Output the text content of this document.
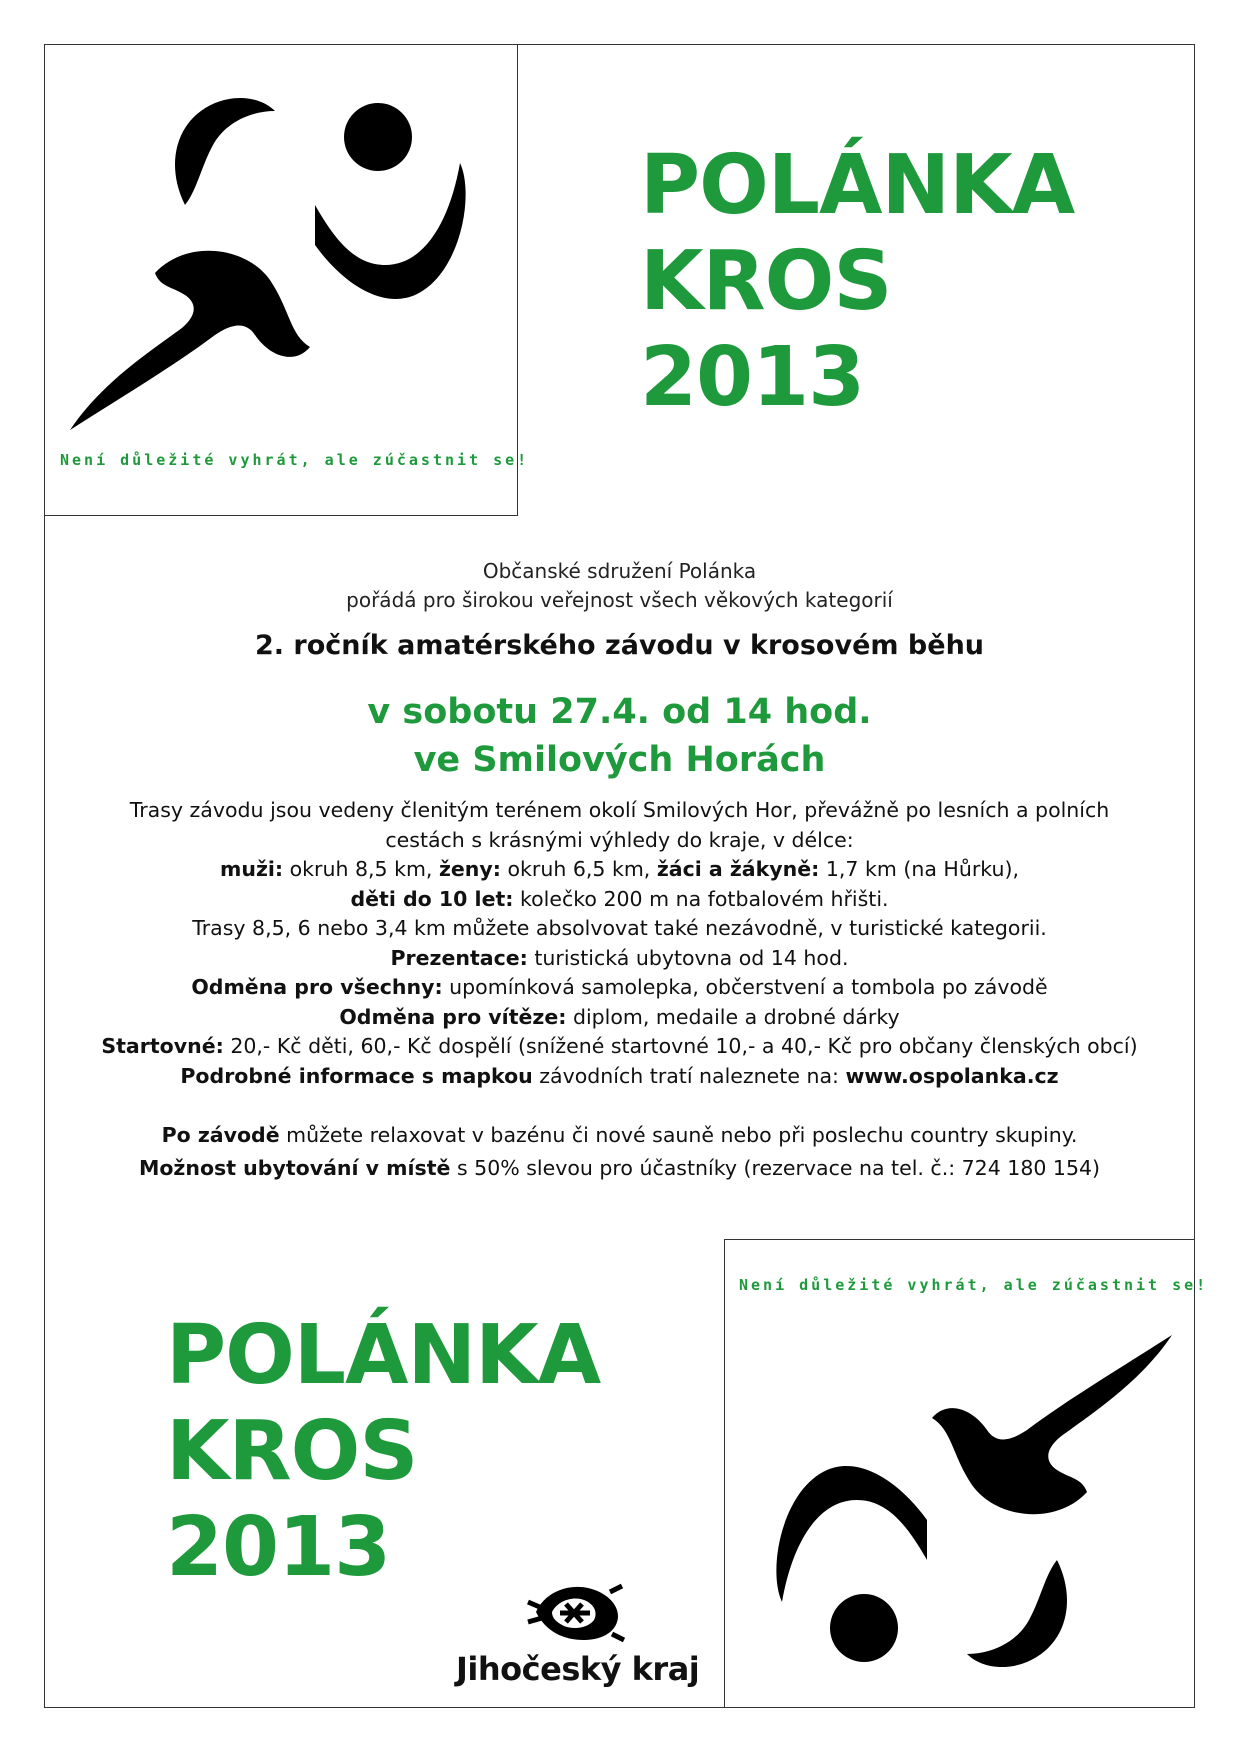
Není důležité vyhrát, ale zúčastnit se!
POLÁNKA
KROS
2013
Občanské sdružení Polánka
pořádá pro širokou veřejnost všech věkových kategorií
2. ročník amatérského závodu v krosovém běhu
v sobotu 27.4. od 14 hod.
ve Smilových Horách
Trasy závodu jsou vedeny členitým terénem okolí Smilových Hor, převážně po lesních a polních
cestách s krásnými výhledy do kraje, v délce:
muži: okruh 8,5 km, ženy: okruh 6,5 km, žáci a žákyně: 1,7 km (na Hůrku),
děti do 10 let: kolečko 200 m na fotbalovém hřišti.
Trasy 8,5, 6 nebo 3,4 km můžete absolvovat také nezávodně, v turistické kategorii.
Prezentace: turistická ubytovna od 14 hod.
Odměna pro všechny: upomínková samolepka, občerstvení a tombola po závodě
Odměna pro vítěze: diplom, medaile a drobné dárky
Startovné: 20,- Kč děti, 60,- Kč dospělí (snížené startovné 10,- a 40,- Kč pro občany členských obcí)
Podrobné informace s mapkou závodních tratí naleznete na: www.ospolanka.cz
Po závodě můžete relaxovat v bazénu či nové sauně nebo při poslechu country skupiny.
Možnost ubytování v místě s 50% slevou pro účastníky (rezervace na tel. č.: 724 180 154)
POLÁNKA
KROS
2013
Jihočeský kraj
Není důležité vyhrát, ale zúčastnit se!
